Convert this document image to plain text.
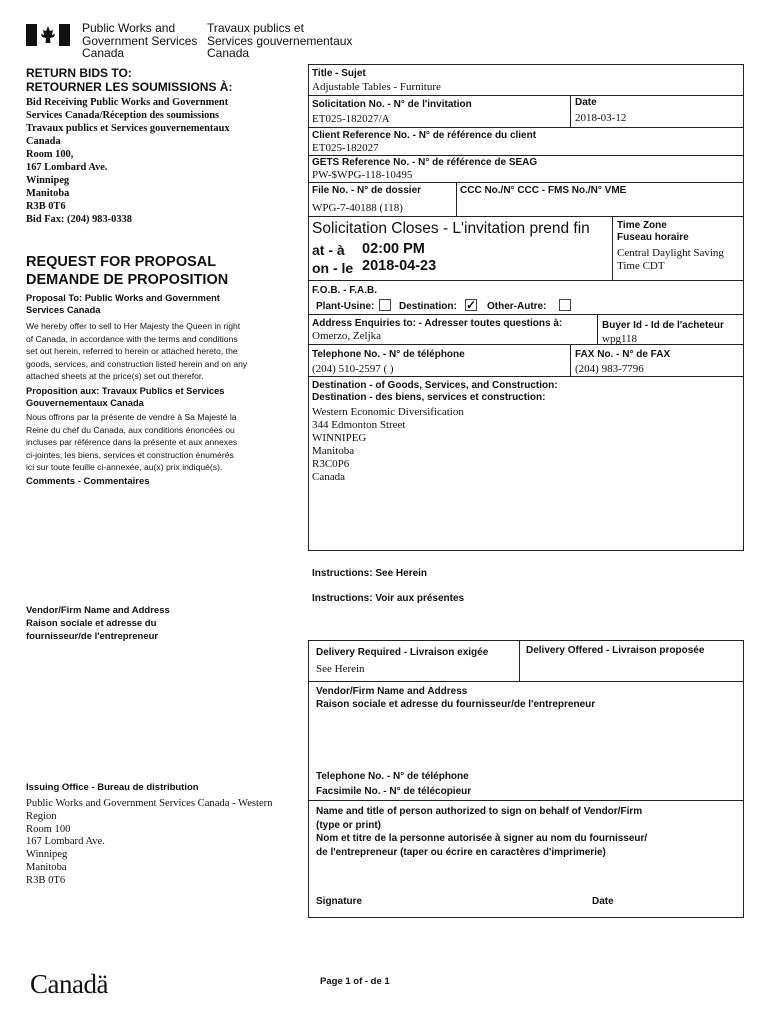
Public Works and
Government Services
Canada
Travaux publics et
Services gouvernementaux
Canada
RETURN BIDS TO:
RETOURNER LES SOUMISSIONS À:
Bid Receiving Public Works and Government
Services Canada/Réception des soumissions
Travaux publics et Services gouvernementaux
Canada
Room 100,
167 Lombard Ave.
Winnipeg
Manitoba
R3B 0T6
Bid Fax: (204) 983-0338
REQUEST FOR PROPOSAL
DEMANDE DE PROPOSITION
Proposal To: Public Works and Government
Services Canada
We hereby offer to sell to Her Majesty the Queen in right
of Canada, in accordance with the terms and conditions
set out herein, referred to herein or attached hereto, the
goods, services, and construction listed herein and on any
attached sheets at the price(s) set out therefor.
Proposition aux: Travaux Publics et Services
Gouvernementaux Canada
Nous offrons par la présente de vendre à Sa Majesté la
Reine du chef du Canada, aux conditions énoncées ou
incluses par référence dans la présente et aux annexes
ci-jointes, les biens, services et construction énumérés
ici sur toute feuille ci-annexée, au(x) prix indiqué(s).
Comments - Commentaires
Vendor/Firm Name and Address
Raison sociale et adresse du
fournisseur/de l'entrepreneur
Issuing Office - Bureau de distribution
Public Works and Government Services Canada - Western
Region
Room 100
167 Lombard Ave.
Winnipeg
Manitoba
R3B 0T6
Title - Sujet
Adjustable Tables - Furniture
Solicitation No. - N° de l'invitation
ET025-182027/A
Date
2018-03-12
Client Reference No. - N° de référence du client
ET025-182027
GETS Reference No. - N° de référence de SEAG
PW-$WPG-118-10495
File No. - N° de dossier
WPG-7-40188 (118)
CCC No./N° CCC - FMS No./N° VME
Solicitation Closes - L'invitation prend fin
at - à 02:00 PM
on - le 2018-04-23
Time Zone
Fuseau horaire
Central Daylight Saving
Time CDT
F.O.B. - F.A.B.
Plant-Usine: Destination: ✓ Other-Autre:
Address Enquiries to: - Adresser toutes questions à:
Omerzo, Zeljka
Buyer Id - Id de l'acheteur
wpg118
Telephone No. - N° de téléphone
(204) 510-2597 ( )
FAX No. - N° de FAX
(204) 983-7796
Destination - of Goods, Services, and Construction:
Destination - des biens, services et construction:
Western Economic Diversification
344 Edmonton Street
WINNIPEG
Manitoba
R3C0P6
Canada
Instructions: See Herein
Instructions: Voir aux présentes
Delivery Required - Livraison exigée
See Herein
Delivery Offered - Livraison proposée
Vendor/Firm Name and Address
Raison sociale et adresse du fournisseur/de l'entrepreneur
Telephone No. - N° de téléphone
Facsimile No. - N° de télécopieur
Name and title of person authorized to sign on behalf of Vendor/Firm
(type or print)
Nom et titre de la personne autorisée à signer au nom du fournisseur/
de l'entrepreneur (taper ou écrire en caractères d'imprimerie)
Signature	Date
Canadä	Page 1 of - de 1
